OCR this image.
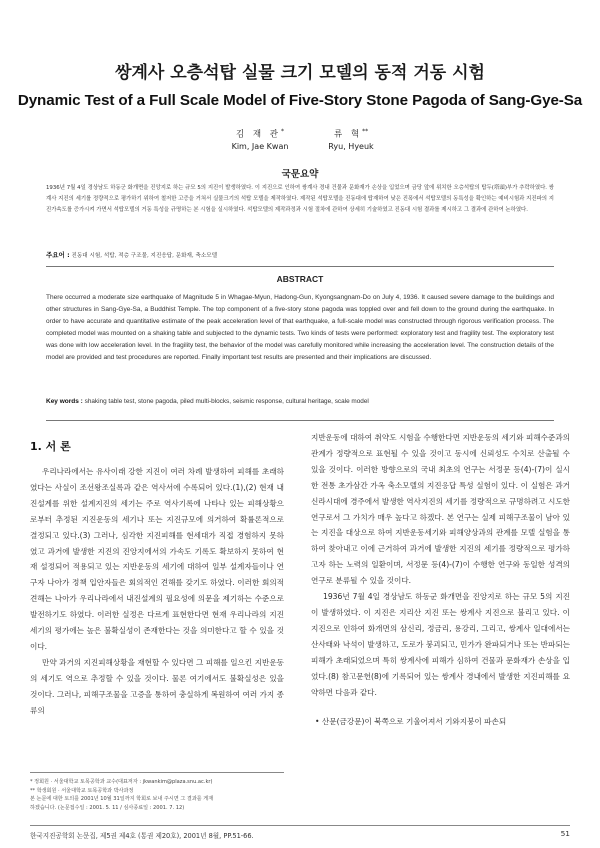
쌍계사 오층석탑 실물 크기 모델의 동적 거동 시험
Dynamic Test of a Full Scale Model of Five-Story Stone Pagoda of Sang-Gye-Sa
김 재 관*
Kim, Jae Kwan
류 혁**
Ryu, Hyeuk
국문요약
1936년 7월 4일 경상남도 하동군 화개면을 진앙지로 하는 규모 5의 지진이 발생하였다. 이 지진으로 인하여 쌍계사 경내 건물과 문화재가 손상을 입었으며 금당 앞에 위치한 오층석탑의 탑두(塔頭)부가 추락하였다. 쌍계사 지진의 세기를 정량적으로 평가하기 위하여 철저한 고증을 거쳐서 실물크기의 석탑 모델을 제작하였다. 제작된 석탑모델을 진동대에 탑재하여 낮은 진폭에서 석탑모델의 동특성을 확인하는 예비시험과 지진파의 지진가속도를 증가시켜 가면서 석탑모델의 거동 특성을 규명하는 본 시험을 실시하였다. 석탑모델의 제작과정과 시험 절차에 관하여 상세히 기술하였고 진동대 시험 결과를 제시하고 그 결과에 관하여 논하였다.
주요어 : 진동대 시험, 석탑, 적층 구조물, 지진응답, 문화재, 축소모델
ABSTRACT
There occurred a moderate size earthquake of Magnitude 5 in Whagae-Myun, Hadong-Gun, Kyongsangnam-Do on July 4, 1936. It caused severe damage to the buildings and other structures in Sang-Gye-Sa, a Buddhist Temple. The top component of a five-story stone pagoda was toppled over and fell down to the ground during the earthquake. In order to have accurate and quantitative estimate of the peak acceleration level of that earthquake, a full-scale model was constructed through rigorous verification process. The completed model was mounted on a shaking table and subjected to the dynamic tests. Two kinds of tests were performed: exploratory test and fragility test. The exploratory test was done with low acceleration level. In the fragility test, the behavior of the model was carefully monitored while increasing the acceleration level. The construction details of the model are provided and test procedures are reported. Finally important test results are presented and their implications are discussed.
Key words : shaking table test, stone pagoda, piled multi-blocks, seismic response, cultural heritage, scale model
1. 서 론

우리나라에서는 유사이래 강한 지진이 여러 차례 발생하여 피해를 초래하였다는 사실이 조선왕조실록과 같은 역사서에 수록되어 있다.(1),(2) 현재 내진설계를 위한 설계지진의 세기는 주로 역사기록에 나타나 있는 피해상황으로부터 추정된 지진운동의 세기나 또는 지진규모에 의거하여 확률론적으로 결정되고 있다.(3) 그러나, 심각한 지진피해를 현세대가 직접 경험하지 못하였고 과거에 발생한 지진의 진앙지에서의 가속도 기록도 확보하지 못하여 현재 설정되어 적용되고 있는 지반운동의 세기에 대하여 일부 설계자들이나 연구자 나아가 정책 입안자들은 회의적인 견해를 갖기도 하였다. 이러한 회의적 견해는 나아가 우리나라에서 내진설계의 필요성에 의문을 제기하는 수준으로 발전하기도 하였다. 이러한 실정은 다르게 표현한다면 현재 우리나라의 지진세기의 평가에는 높은 불확실성이 존재한다는 것을 의미한다고 할 수 있을 것이다.

만약 과거의 지진피해상황을 재현할 수 있다면 그 피해를 일으킨 지반운동의 세기도 역으로 추정할 수 있을 것이다. 물론 여기에서도 불확실성은 있을 것이다. 그러나, 피해구조물을 고증을 통하여 충실하게 복원하여 여러 가지 종류의

지반운동에 대하여 취약도 시험을 수행한다면 지반운동의 세기와 피해수준과의 관계가 정량적으로 표현될 수 있을 것이고 동시에 신뢰성도 수치로 산출될 수 있을 것이다. 이러한 방향으로의 국내 최초의 연구는 서정문 등(4)-(7)이 실시한 전통 초가삼간 가옥 축소모델의 지진응답 특성 실험이 있다. 이 실험은 과거 신라시대에 경주에서 발생한 역사지진의 세기를 정량적으로 규명하려고 시도한 연구로서 그 가치가 매우 높다고 하겠다. 본 연구는 실제 피해구조물이 남아 있는 지진을 대상으로 하여 지반운동세기와 피해양상과의 관계를 모델 실험을 통하여 찾아내고 이에 근거하여 과거에 발생한 지진의 세기를 정량적으로 평가하고자 하는 노력의 일환이며, 서정문 등(4)-(7)이 수행한 연구와 동일한 성격의 연구로 분류될 수 있을 것이다.

1936년 7월 4일 경상남도 하동군 화개면을 진앙지로 하는 규모 5의 지진이 발생하였다. 이 지진은 지리산 지진 또는 쌍계사 지진으로 불리고 있다. 이 지진으로 인하여 화개면의 삼신리, 정금리, 용강리, 그리고, 쌍계사 일대에서는 산사태와 낙석이 발생하고, 도로가 붕괴되고, 민가가 완파되거나 또는 반파되는 피해가 초래되었으며 특히 쌍계사에 피해가 심하여 건물과 문화재가 손상을 입었다.(8) 참고문헌(8)에 기록되어 있는 쌍계사 경내에서 발생한 지진피해를 요약하면 다음과 같다.

• 산문(금강문)이 북쪽으로 기울어져서 기와지붕이 파손되

* 정회원 · 서울대학교 토목공학과 교수(대표저자 : jkwankim@plaza.snu.ac.kr)
** 학생회원 · 서울대학교 토목공학과 박사과정
본 논문에 대한 토의를 2001년 10월 31일까지 학회로 보내 주시면 그 결과를 게재
하겠습니다. (논문접수일 : 2001. 5. 11 / 심사종료일 : 2001. 7. 12)
한국지진공학회 논문집, 제5권 제4호 (통권 제20호), 2001년 8월, PP.51-66.	51
